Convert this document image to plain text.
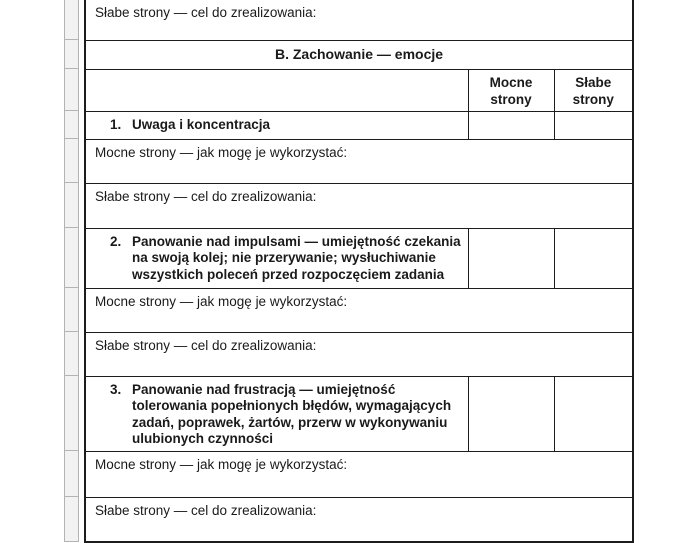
Słabe strony — cel do zrealizowania:		
B. Zachowanie — emocje		
	Mocne strony	Słabe strony

1. Uwaga i koncentracja		

Mocne strony — jak mogę je wykorzystać:		
Słabe strony — cel do zrealizowania:		

2. Panowanie nad impulsami — umiejętność czekania na swoją kolej; nie przerywanie; wysłuchiwanie wszystkich poleceń przed rozpoczęciem zadania		

Mocne strony — jak mogę je wykorzystać:		
Słabe strony — cel do zrealizowania:		

3. Panowanie nad frustracją — umiejętność tolerowania popełnionych błędów, wymagających zadań, poprawek, żartów, przerw w wykonywaniu ulubionych czynności		

Mocne strony — jak mogę je wykorzystać:		
Słabe strony — cel do zrealizowania:		
